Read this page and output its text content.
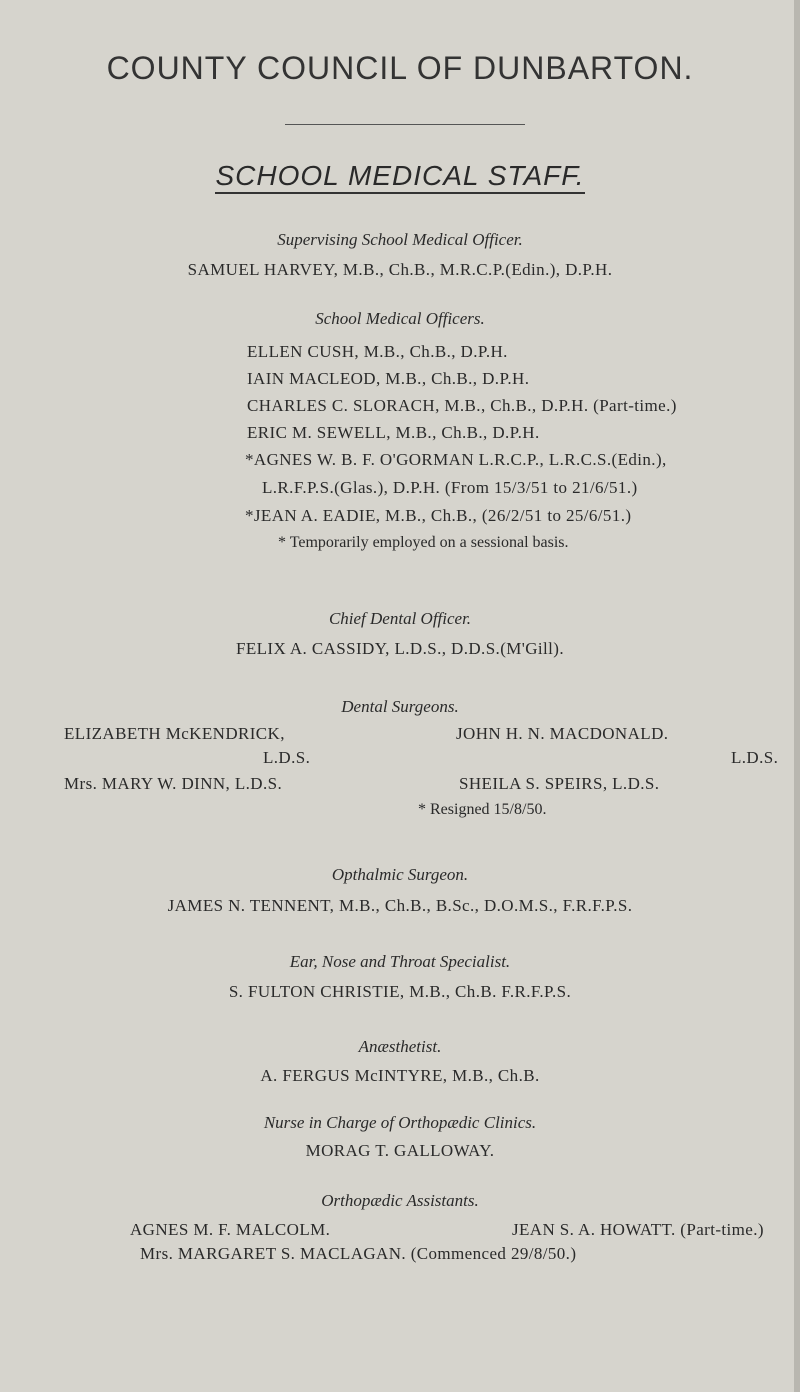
COUNTY COUNCIL OF DUNBARTON.
SCHOOL MEDICAL STAFF.
Supervising School Medical Officer.
SAMUEL HARVEY, M.B., Ch.B., M.R.C.P.(Edin.), D.P.H.
School Medical Officers.
ELLEN CUSH, M.B., Ch.B., D.P.H.
IAIN MACLEOD, M.B., Ch.B., D.P.H.
CHARLES C. SLORACH, M.B., Ch.B., D.P.H. (Part-time.)
ERIC M. SEWELL, M.B., Ch.B., D.P.H.
*AGNES W. B. F. O'GORMAN L.R.C.P., L.R.C.S.(Edin.),
L.R.F.P.S.(Glas.), D.P.H. (From 15/3/51 to 21/6/51.)
*JEAN A. EADIE, M.B., Ch.B., (26/2/51 to 25/6/51.)
* Temporarily employed on a sessional basis.
Chief Dental Officer.
FELIX A. CASSIDY, L.D.S., D.D.S.(M'Gill).
Dental Surgeons.
ELIZABETH McKENDRICK,
L.D.S.
JOHN H. N. MACDONALD.
L.D.S.
Mrs. MARY W. DINN, L.D.S.	SHEILA S. SPEIRS, L.D.S.
* Resigned 15/8/50.
Opthalmic Surgeon.
JAMES N. TENNENT, M.B., Ch.B., B.Sc., D.O.M.S., F.R.F.P.S.
Ear, Nose and Throat Specialist.
S. FULTON CHRISTIE, M.B., Ch.B. F.R.F.P.S.
Anæsthetist.
A. FERGUS McINTYRE, M.B., Ch.B.
Nurse in Charge of Orthopædic Clinics.
MORAG T. GALLOWAY.
Orthopædic Assistants.
AGNES M. F. MALCOLM.	JEAN S. A. HOWATT. (Part-time.)
Mrs. MARGARET S. MACLAGAN. (Commenced 29/8/50.)
